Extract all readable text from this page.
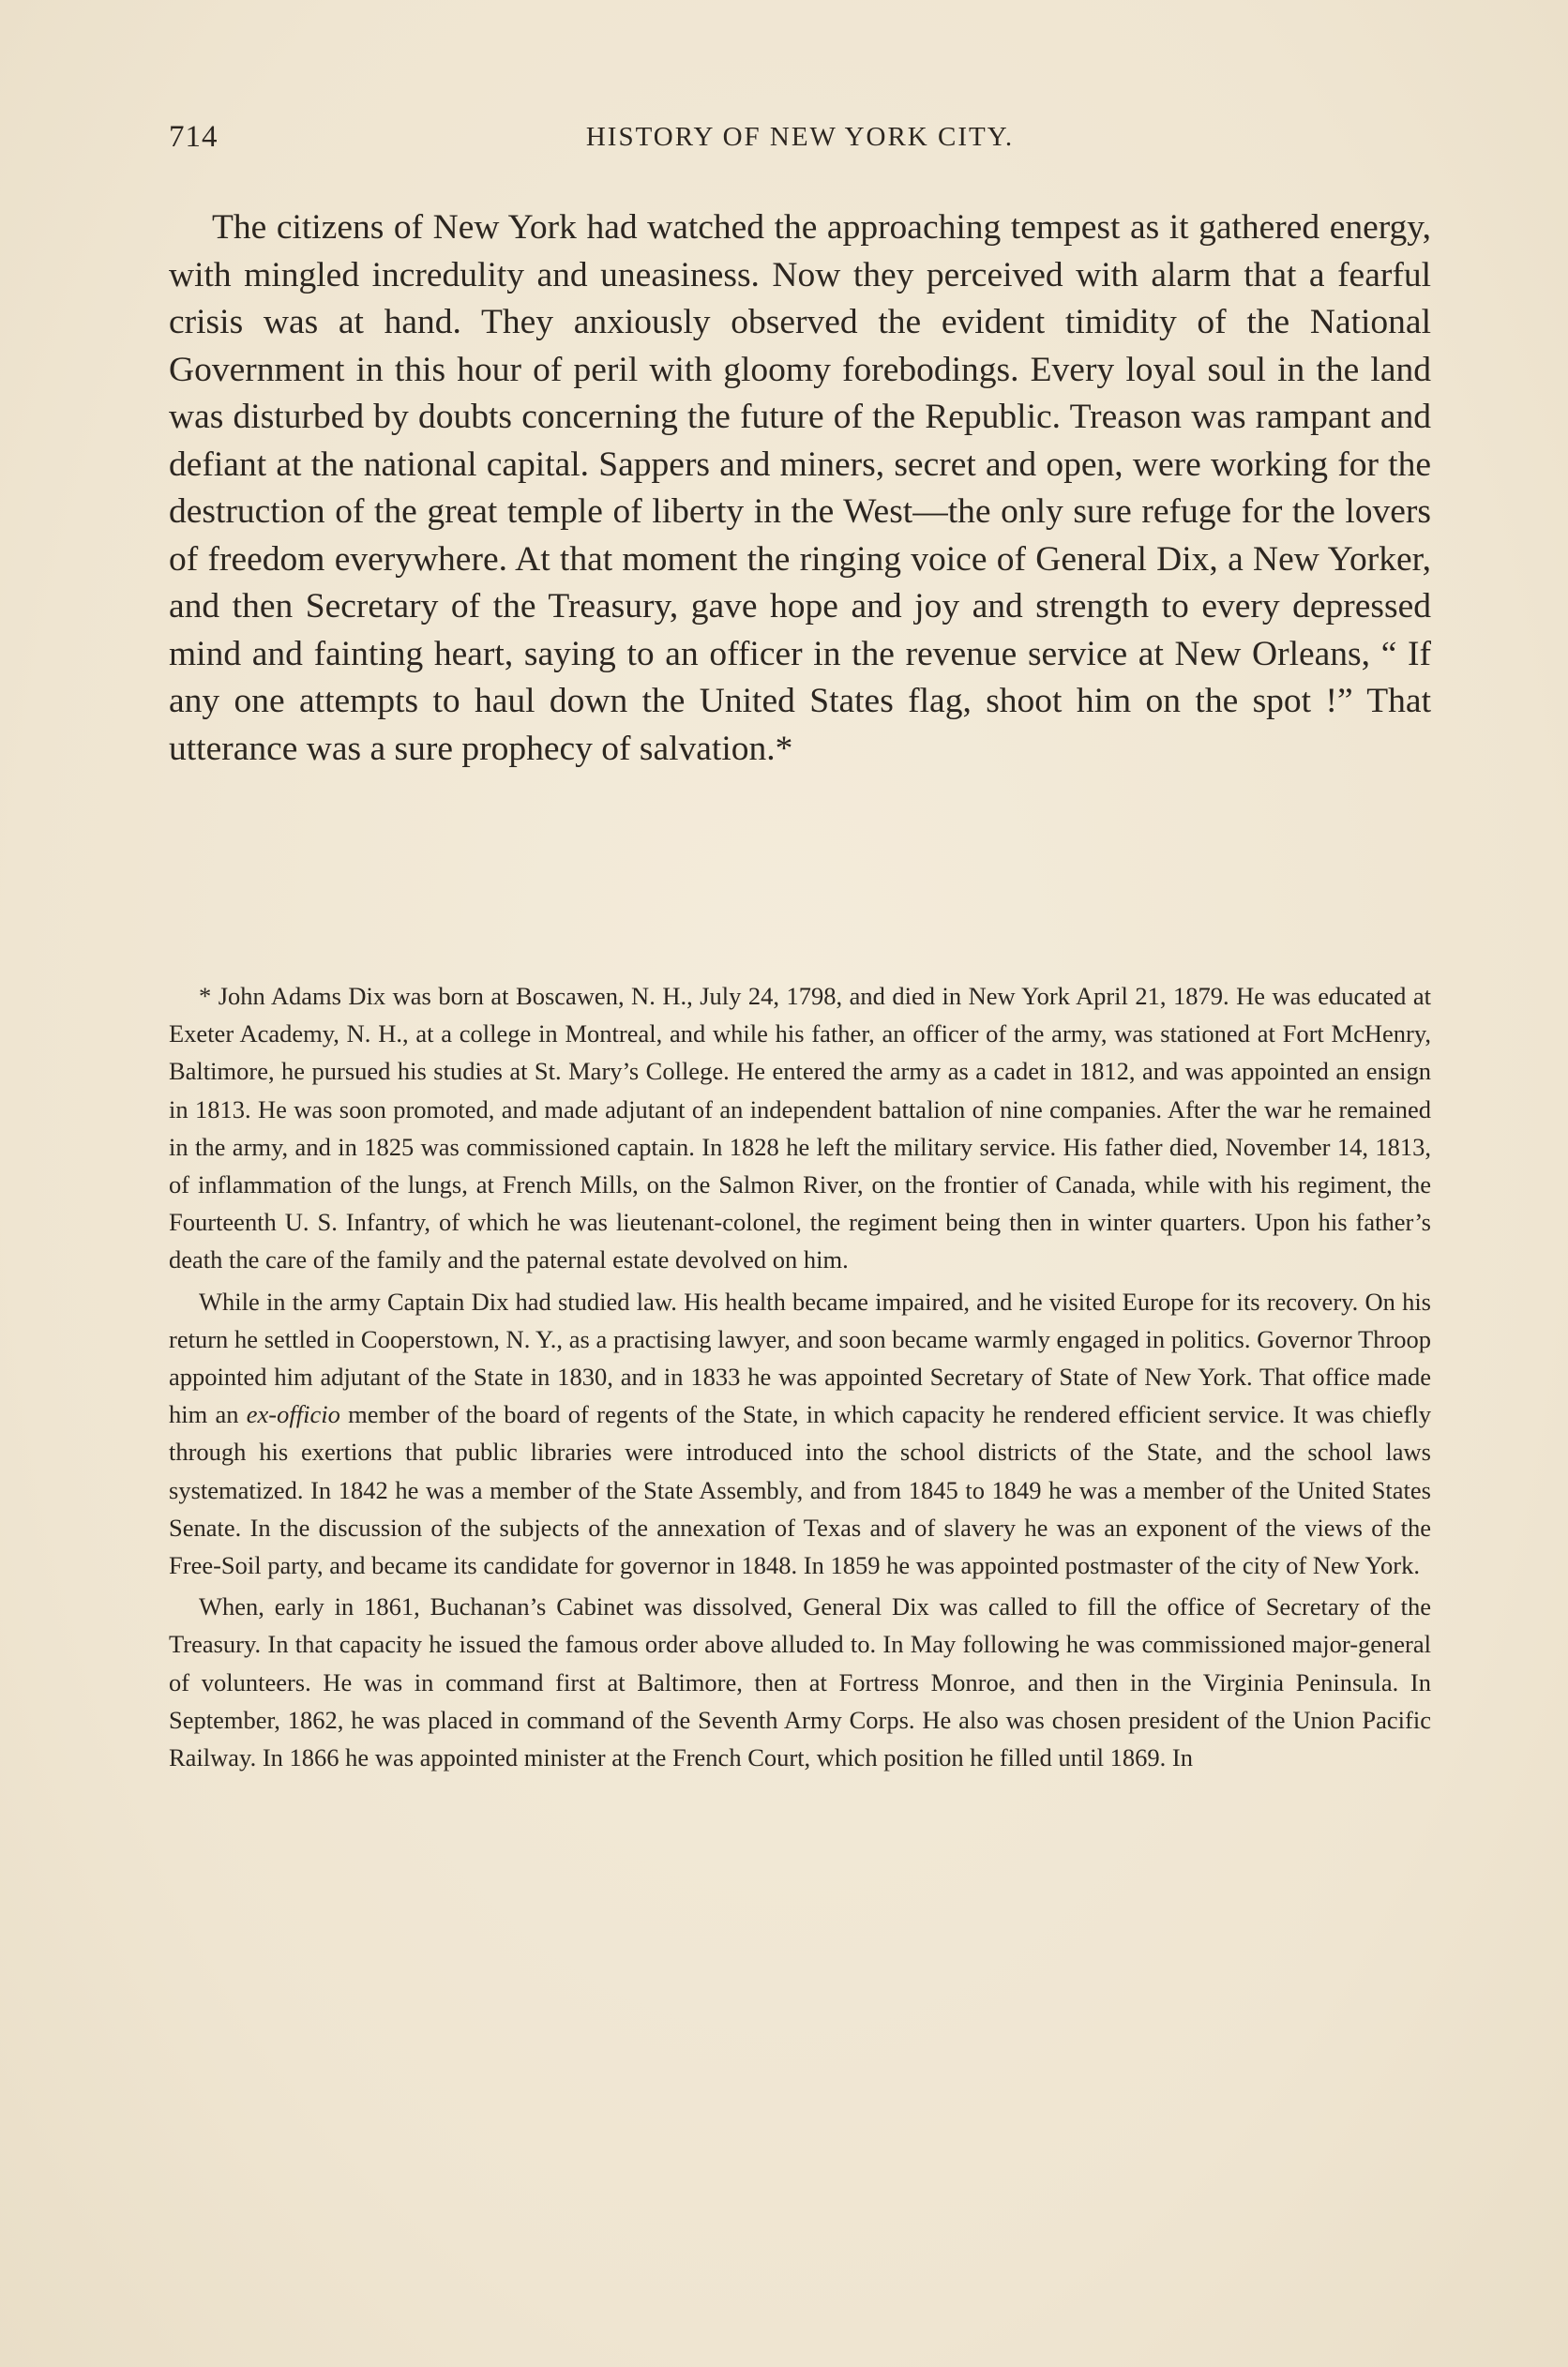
714	HISTORY OF NEW YORK CITY.

The citizens of New York had watched the approaching tempest as it gathered energy, with mingled incredulity and uneasiness. Now they perceived with alarm that a fearful crisis was at hand. They anxiously observed the evident timidity of the National Government in this hour of peril with gloomy forebodings. Every loyal soul in the land was disturbed by doubts concerning the future of the Republic. Treason was rampant and defiant at the national capital. Sappers and miners, secret and open, were working for the destruction of the great temple of liberty in the West—the only sure refuge for the lovers of freedom everywhere. At that moment the ringing voice of General Dix, a New Yorker, and then Secretary of the Treasury, gave hope and joy and strength to every depressed mind and fainting heart, saying to an officer in the revenue service at New Orleans, “ If any one attempts to haul down the United States flag, shoot him on the spot !” That utterance was a sure prophecy of salvation.*

* John Adams Dix was born at Boscawen, N. H., July 24, 1798, and died in New York April 21, 1879. He was educated at Exeter Academy, N. H., at a college in Montreal, and while his father, an officer of the army, was stationed at Fort McHenry, Baltimore, he pursued his studies at St. Mary’s College. He entered the army as a cadet in 1812, and was appointed an ensign in 1813. He was soon promoted, and made adjutant of an independent battalion of nine companies. After the war he remained in the army, and in 1825 was commissioned captain. In 1828 he left the military service. His father died, November 14, 1813, of inflammation of the lungs, at French Mills, on the Salmon River, on the frontier of Canada, while with his regiment, the Fourteenth U. S. Infantry, of which he was lieutenant-colonel, the regiment being then in winter quarters. Upon his father’s death the care of the family and the paternal estate devolved on him.

While in the army Captain Dix had studied law. His health became impaired, and he visited Europe for its recovery. On his return he settled in Cooperstown, N. Y., as a practising lawyer, and soon became warmly engaged in politics. Governor Throop appointed him adjutant of the State in 1830, and in 1833 he was appointed Secretary of State of New York. That office made him an ex-officio member of the board of regents of the State, in which capacity he rendered efficient service. It was chiefly through his exertions that public libraries were introduced into the school districts of the State, and the school laws systematized. In 1842 he was a member of the State Assembly, and from 1845 to 1849 he was a member of the United States Senate. In the discussion of the subjects of the annexation of Texas and of slavery he was an exponent of the views of the Free-Soil party, and became its candidate for governor in 1848. In 1859 he was appointed postmaster of the city of New York.

When, early in 1861, Buchanan’s Cabinet was dissolved, General Dix was called to fill the office of Secretary of the Treasury. In that capacity he issued the famous order above alluded to. In May following he was commissioned major-general of volunteers. He was in command first at Baltimore, then at Fortress Monroe, and then in the Virginia Peninsula. In September, 1862, he was placed in command of the Seventh Army Corps. He also was chosen president of the Union Pacific Railway. In 1866 he was appointed minister at the French Court, which position he filled until 1869. In
